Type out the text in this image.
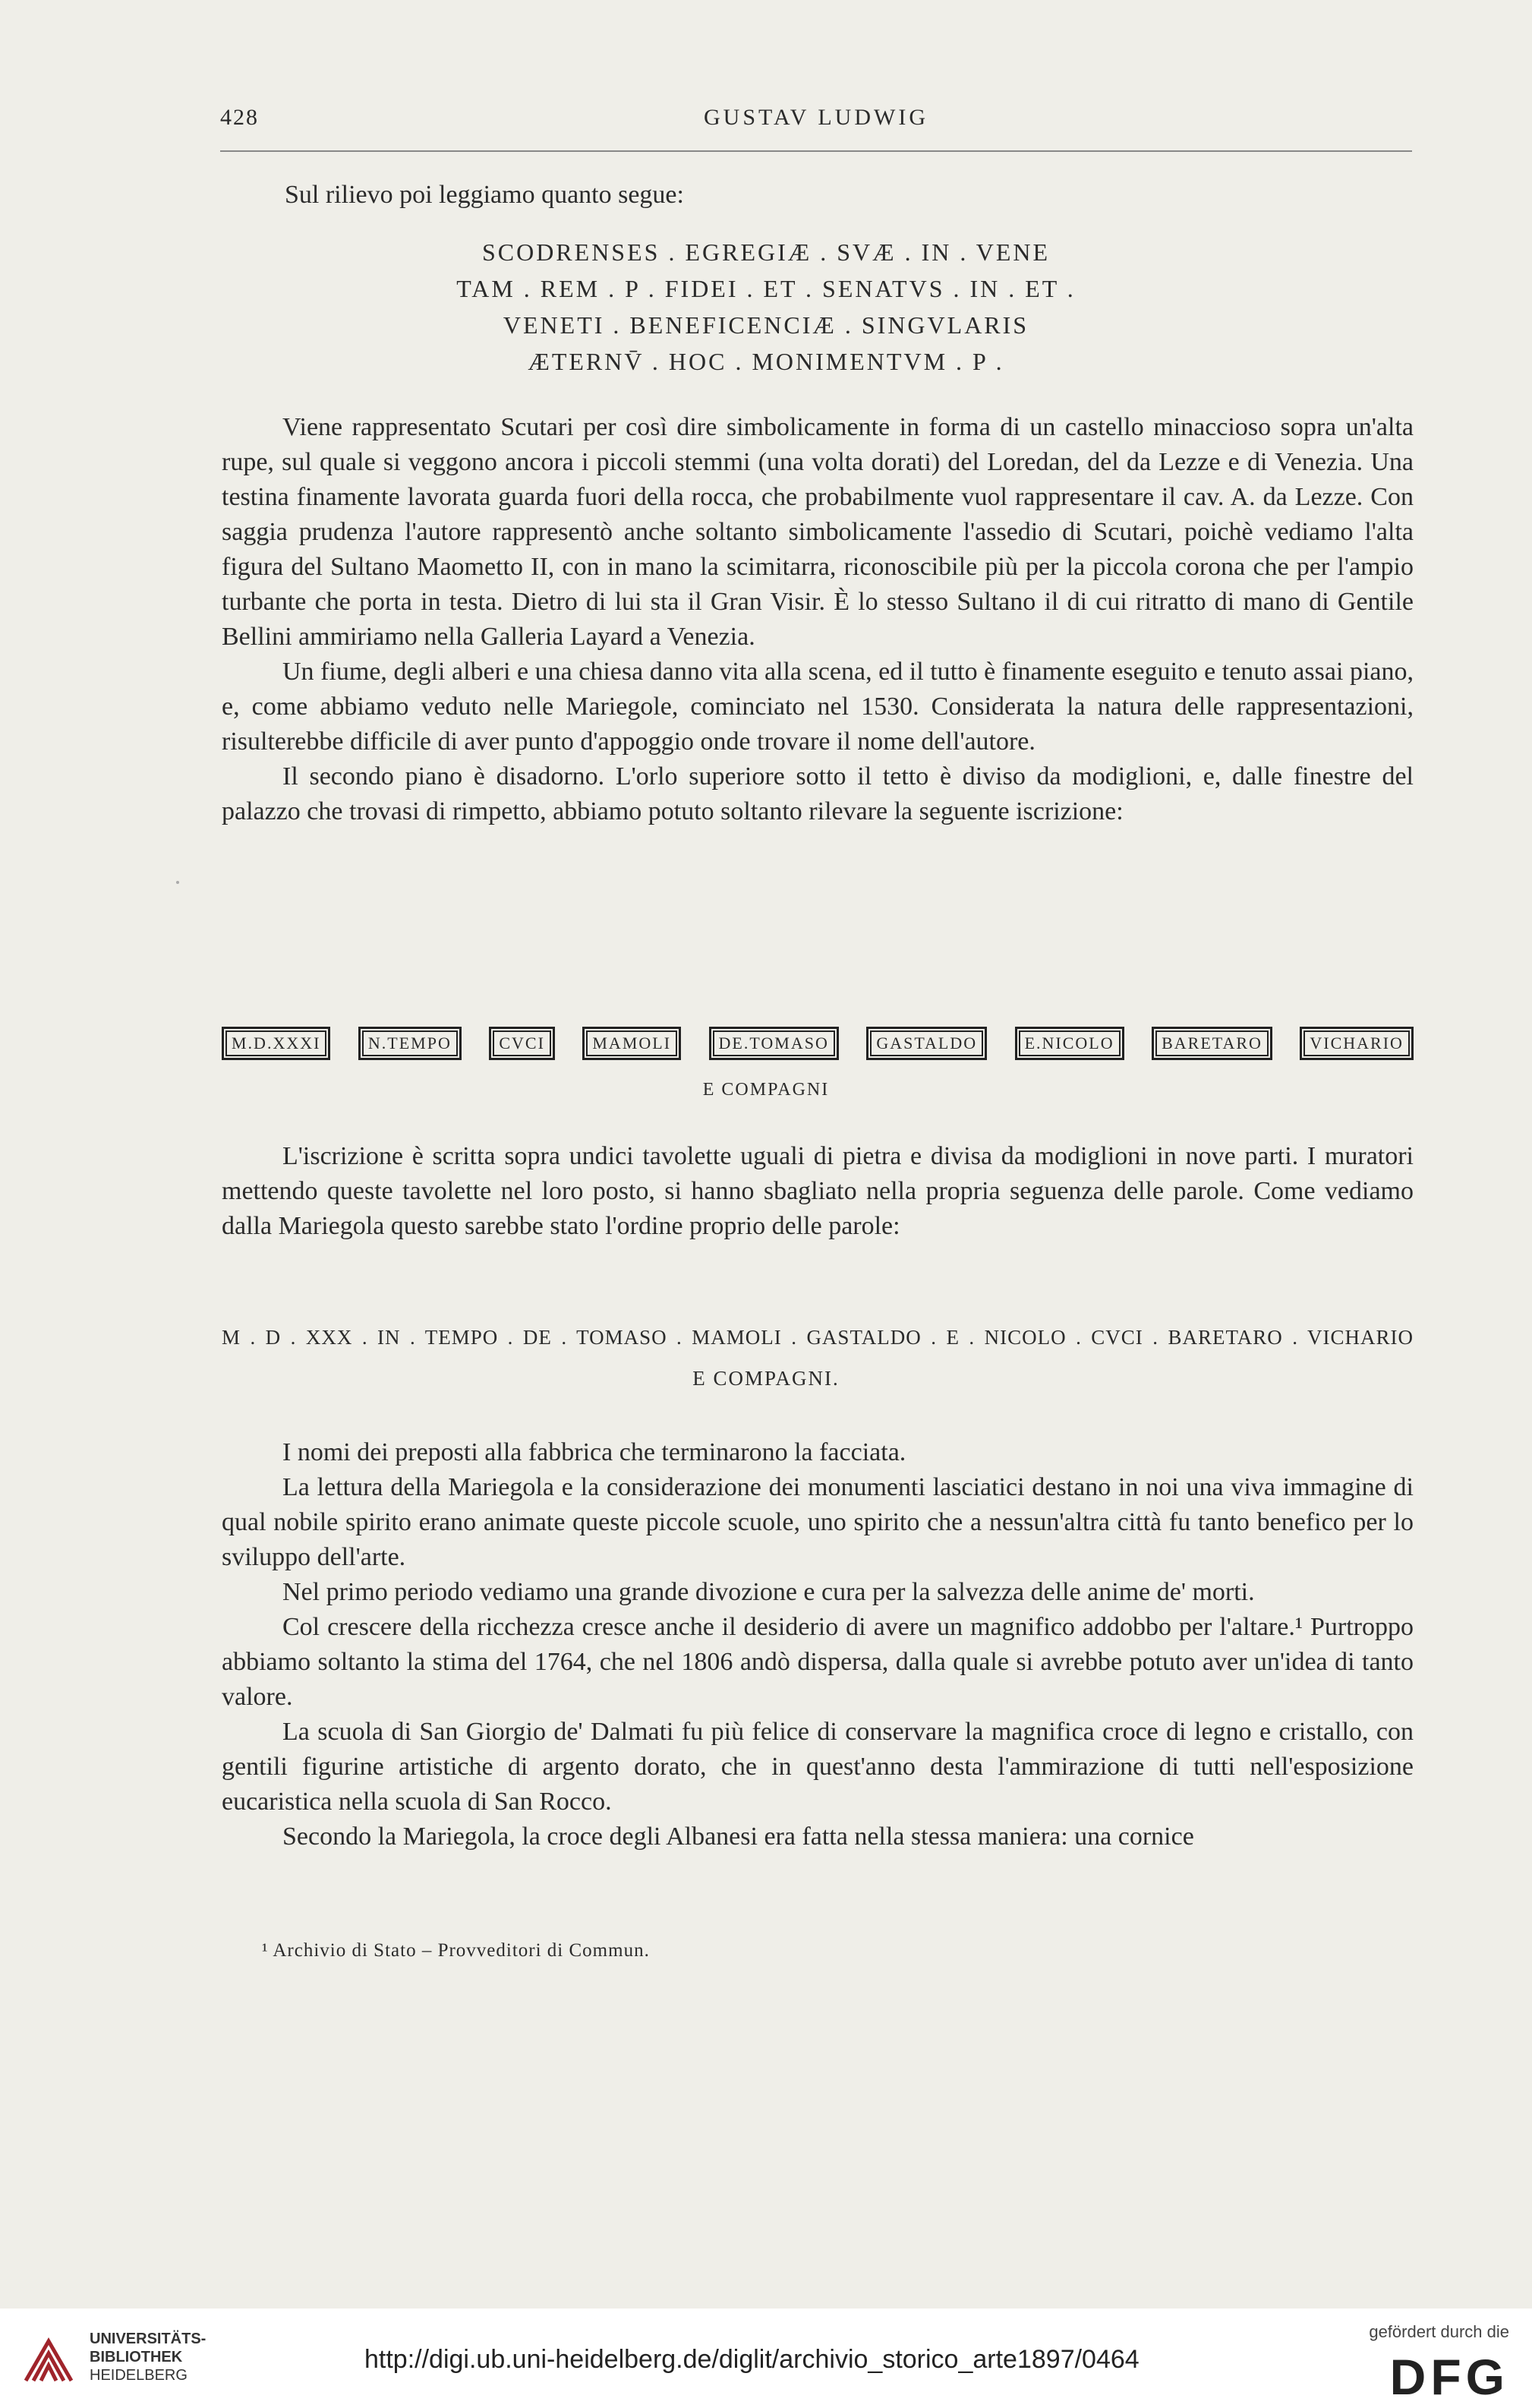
428	GUSTAV LUDWIG
Sul rilievo poi leggiamo quanto segue:
SCODRENSES . EGREGIÆ . SVÆ . IN . VENE
TAM . REM . P . FIDEI . ET . SENATVS . IN . ET .
VENETI . BENEFICENCIÆ . SINGVLARIS
ÆTERNV̄ . HOC . MONIMENTVM . P .

Viene rappresentato Scutari per così dire simbolicamente in forma di un castello minaccioso sopra un'alta rupe, sul quale si veggono ancora i piccoli stemmi (una volta dorati) del Loredan, del da Lezze e di Venezia. Una testina finamente lavorata guarda fuori della rocca, che probabilmente vuol rappresentare il cav. A. da Lezze. Con saggia prudenza l'autore rappresentò anche soltanto simbolicamente l'assedio di Scutari, poichè vediamo l'alta figura del Sultano Maometto II, con in mano la scimitarra, riconoscibile più per la piccola corona che per l'ampio turbante che porta in testa. Dietro di lui sta il Gran Visir. È lo stesso Sultano il di cui ritratto di mano di Gentile Bellini ammiriamo nella Galleria Layard a Venezia.

Un fiume, degli alberi e una chiesa danno vita alla scena, ed il tutto è finamente eseguito e tenuto assai piano, e, come abbiamo veduto nelle Mariegole, cominciato nel 1530. Considerata la natura delle rappresentazioni, risulterebbe difficile di aver punto d'appoggio onde trovare il nome dell'autore.

Il secondo piano è disadorno. L'orlo superiore sotto il tetto è diviso da modiglioni, e, dalle finestre del palazzo che trovasi di rimpetto, abbiamo potuto soltanto rilevare la seguente iscrizione:

M.D.XXXI	N.TEMPO	CVCI	MAMOLI	DE.TOMASO	GASTALDO	E.NICOLO	BARETARO	VICHARIO
E COMPAGNI

L'iscrizione è scritta sopra undici tavolette uguali di pietra e divisa da modiglioni in nove parti. I muratori mettendo queste tavolette nel loro posto, si hanno sbagliato nella propria seguenza delle parole. Come vediamo dalla Mariegola questo sarebbe stato l'ordine proprio delle parole:

M . D . XXX . IN . TEMPO . DE . TOMASO . MAMOLI . GASTALDO . E . NICOLO . CVCI . BARETARO . VICHARIO
E COMPAGNI.

I nomi dei preposti alla fabbrica che terminarono la facciata.

La lettura della Mariegola e la considerazione dei monumenti lasciatici destano in noi una viva immagine di qual nobile spirito erano animate queste piccole scuole, uno spirito che a nessun'altra città fu tanto benefico per lo sviluppo dell'arte.

Nel primo periodo vediamo una grande divozione e cura per la salvezza delle anime de' morti.

Col crescere della ricchezza cresce anche il desiderio di avere un magnifico addobbo per l'altare.¹ Purtroppo abbiamo soltanto la stima del 1764, che nel 1806 andò dispersa, dalla quale si avrebbe potuto aver un'idea di tanto valore.

La scuola di San Giorgio de' Dalmati fu più felice di conservare la magnifica croce di legno e cristallo, con gentili figurine artistiche di argento dorato, che in quest'anno desta l'ammirazione di tutti nell'esposizione eucaristica nella scuola di San Rocco.

Secondo la Mariegola, la croce degli Albanesi era fatta nella stessa maniera: una cornice

¹ Archivio di Stato – Provveditori di Commun.
UNIVERSITÄTS-
BIBLIOTHEK
HEIDELBERG
http://digi.ub.uni-heidelberg.de/diglit/archivio_storico_arte1897/0464
gefördert durch die
DFG
